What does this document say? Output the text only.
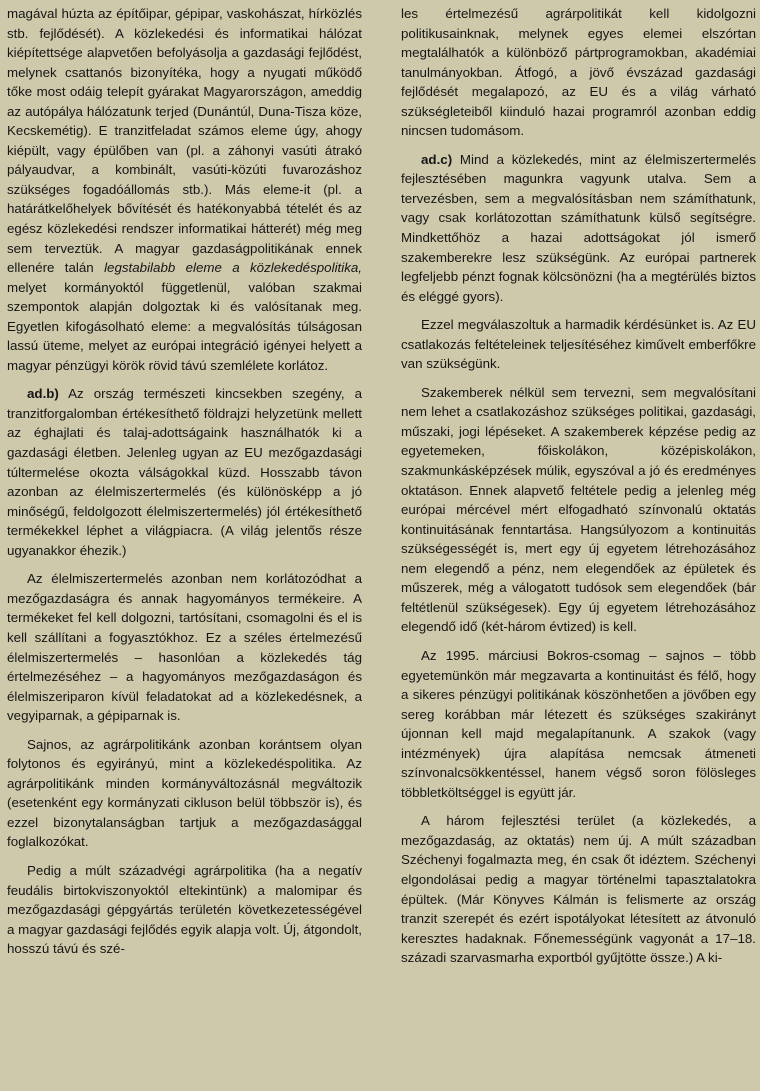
magával húzta az építőipar, gépipar, vaskohászat, hírközlés stb. fejlődését). A közlekedési és informatikai hálózat kiépítettsége alapvetően befolyásolja a gazdasági fejlődést, melynek csattanós bizonyítéka, hogy a nyugati működő tőke most odáig telepít gyárakat Magyarországon, ameddig az autópálya hálózatunk terjed (Dunántúl, Duna-Tisza köze, Kecskemétig). E tranzitfeladat számos eleme úgy, ahogy kiépült, vagy épülőben van (pl. a záhonyi vasúti átrakó pályaudvar, a kombinált, vasúti-közúti fuvarozáshoz szükséges fogadóállomás stb.). Más eleme-it (pl. a határátkelőhelyek bővítését és hatékonyabbá tételét és az egész közlekedési rendszer informatikai hátterét) még meg sem terveztük. A magyar gazdaságpolitikának ennek ellenére talán legstabilabb eleme a közlekedéspolitika, melyet kormányoktól függetlenül, valóban szakmai szempontok alapján dolgoztak ki és valósítanak meg. Egyetlen kifogásolható eleme: a megvalósítás túlságosan lassú üteme, melyet az európai integráció igényei helyett a magyar pénzügyi körök rövid távú szemlélete korlátoz.

ad.b) Az ország természeti kincsekben szegény, a tranzitforgalomban értékesíthető földrajzi helyzetünk mellett az éghajlati és talaj-adottságaink használhatók ki a gazdasági életben. Jelenleg ugyan az EU mezőgazdasági túltermelése okozta válságokkal küzd. Hosszabb távon azonban az élelmiszertermelés (és különösképp a jó minőségű, feldolgozott élelmiszertermelés) jól értékesíthető termékekkel léphet a világpiacra. (A világ jelentős része ugyanakkor éhezik.)

Az élelmiszertermelés azonban nem korlátozódhat a mezőgazdaságra és annak hagyományos termékeire. A termékeket fel kell dolgozni, tartósítani, csomagolni és el is kell szállítani a fogyasztókhoz. Ez a széles értelmezésű élelmiszertermelés – hasonlóan a közlekedés tág értelmezéséhez – a hagyományos mezőgazdaságon és élelmiszeriparon kívül feladatokat ad a közlekedésnek, a vegyiparnak, a gépiparnak is.

Sajnos, az agrárpolitikánk azonban korántsem olyan folytonos és egyirányú, mint a közlekedéspolitika. Az agrárpolitikánk minden kormányváltozásnál megváltozik (esetenként egy kormányzati cikluson belül többször is), és ezzel bizonytalanságban tartjuk a mezőgazdasággal foglalkozókat.

Pedig a múlt századvégi agrárpolitika (ha a negatív feudális birtokviszonyoktól eltekintünk) a malomipar és mezőgazdasági gépgyártás területén következetességével a magyar gazdasági fejlődés egyik alapja volt. Új, átgondolt, hosszú távú és szé-

les értelmezésű agrárpolitikát kell kidolgozni politikusainknak, melynek egyes elemei elszórtan megtalálhatók a különböző pártprogramokban, akadémiai tanulmányokban. Átfogó, a jövő évszázad gazdasági fejlődését megalapozó, az EU és a világ várható szükségleteiből kiinduló hazai programról azonban eddig nincsen tudomásom.

ad.c) Mind a közlekedés, mint az élelmiszertermelés fejlesztésében magunkra vagyunk utalva. Sem a tervezésben, sem a megvalósításban nem számíthatunk, vagy csak korlátozottan számíthatunk külső segítségre. Mindkettőhöz a hazai adottságokat jól ismerő szakemberekre lesz szükségünk. Az európai partnerek legfeljebb pénzt fognak kölcsönözni (ha a megtérülés biztos és eléggé gyors).

Ezzel megválaszoltuk a harmadik kérdésünket is. Az EU csatlakozás feltételeinek teljesítéséhez kiművelt emberfőkre van szükségünk.

Szakemberek nélkül sem tervezni, sem megvalósítani nem lehet a csatlakozáshoz szükséges politikai, gazdasági, műszaki, jogi lépéseket. A szakemberek képzése pedig az egyetemeken, főiskolákon, középiskolákon, szakmunkásképzések múlik, egyszóval a jó és eredményes oktatáson. Ennek alapvető feltétele pedig a jelenleg még európai mércével mért elfogadható színvonalú oktatás kontinuitásának fenntartása. Hangsúlyozom a kontinuitás szükségességét is, mert egy új egyetem létrehozásához nem elegendő a pénz, nem elegendőek az épületek és műszerek, még a válogatott tudósok sem elegendőek (bár feltétlenül szükségesek). Egy új egyetem létrehozásához elegendő idő (két-három évtized) is kell.

Az 1995. márciusi Bokros-csomag – sajnos – több egyetemünkön már megzavarta a kontinuitást és félő, hogy a sikeres pénzügyi politikának köszönhetően a jövőben egy sereg korábban már létezett és szükséges szakirányt újonnan kell majd megalapítanunk. A szakok (vagy intézmények) újra alapítása nemcsak átmeneti színvonalcsökkentéssel, hanem végső soron fölösleges többletköltséggel is együtt jár.

A három fejlesztési terület (a közlekedés, a mezőgazdaság, az oktatás) nem új. A múlt században Széchenyi fogalmazta meg, én csak őt idéztem. Széchenyi elgondolásai pedig a magyar történelmi tapasztalatokra épültek. (Már Könyves Kálmán is felismerte az ország tranzit szerepét és ezért ispotályokat létesített az átvonuló keresztes hadaknak. Főnemességünk vagyonát a 17–18. századi szarvasmarha exportból gyűjtötte össze.) A ki-
